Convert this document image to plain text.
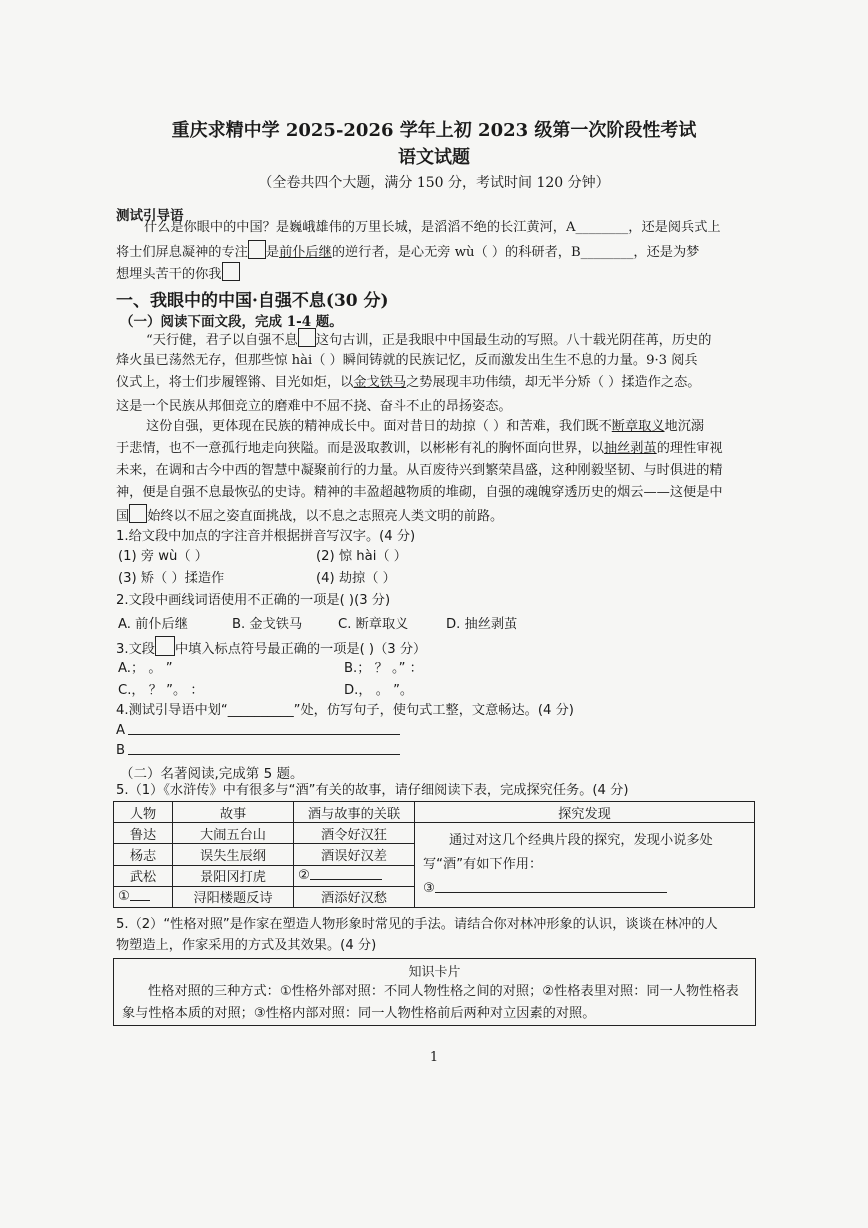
重庆求精中学 2025-2026 学年上初 2023 级第一次阶段性考试
语文试题
（全卷共四个大题，满分 150 分，考试时间 120 分钟）
测试引导语
什么是你眼中的中国？是巍峨雄伟的万里长城，是滔滔不绝的长江黄河，A________，还是阅兵式上
将士们屏息凝神的专注 是前仆后继的逆行者，是心无旁 wù（ ）的科研者，B________，还是为梦
想埋头苦干的你我
一、我眼中的中国·自强不息(30 分)
（一）阅读下面文段，完成 1-4 题。
“天行健，君子以自强不息 这句古训，正是我眼中中国最生动的写照。八十载光阴荏苒，历史的
烽火虽已荡然无存，但那些惊 hài（ ）瞬间铸就的民族记忆，反而激发出生生不息的力量。9·3 阅兵
仪式上，将士们步履铿锵、目光如炬，以金戈铁马之势展现丰功伟绩，却无半分矫（ ）揉造作之态。
这是一个民族从邦佃竞立的磨难中不屈不挠、奋斗不止的昂扬姿态。
这份自强，更体现在民族的精神成长中。面对昔日的劫掠（ ）和苦难，我们既不断章取义地沉溺
于悲情，也不一意孤行地走向狭隘。而是汲取教训，以彬彬有礼的胸怀面向世界，以抽丝剥茧的理性审视
未来，在调和古今中西的智慧中凝聚前行的力量。从百废待兴到繁荣昌盛，这种刚毅坚韧、与时俱进的精
神，便是自强不息最恢弘的史诗。精神的丰盈超越物质的堆砌，自强的魂魄穿透历史的烟云——这便是中
国 始终以不屈之姿直面挑战，以不息之志照亮人类文明的前路。
1.给文段中加点的字注音并根据拼音写汉字。(4 分)
(1) 旁 wù（ ）	(2) 惊 hài（ ）
(3) 矫（ ）揉造作	(4) 劫掠（ ）
2.文段中画线词语使用不正确的一项是( )(3 分)
A. 前仆后继	B. 金戈铁马	C. 断章取义	D. 抽丝剥茧
3.文段 中填入标点符号最正确的一项是( )（3 分）
A.； 。 ”	B.； ？ 。” ：
C.， ？ ”。 ：	D.， 。 ”。
4.测试引导语中划“__________”处，仿写句子，使句式工整，文意畅达。(4 分)
A
B
（二）名著阅读,完成第 5 题。
5.（1）《水浒传》中有很多与“酒”有关的故事，请仔细阅读下表，完成探究任务。(4 分)
人物	故事	酒与故事的关联	探究发现
鲁达	大闹五台山	酒令好汉狂	通过对这几个经典片段的探究，发现小说多处
写“酒”有如下作用：
③

杨志	误失生辰纲	酒误好汉差	
武松	景阳冈打虎	②	
①	浔阳楼题反诗	酒添好汉愁	
5.（2）“性格对照”是作家在塑造人物形象时常见的手法。请结合你对林冲形象的认识，谈谈在林冲的人
物塑造上，作家采用的方式及其效果。(4 分)
知识卡片
性格对照的三种方式：①性格外部对照：不同人物性格之间的对照；②性格表里对照：同一人物性格表象与性格本质的对照；③性格内部对照：同一人物性格前后两种对立因素的对照。
1
